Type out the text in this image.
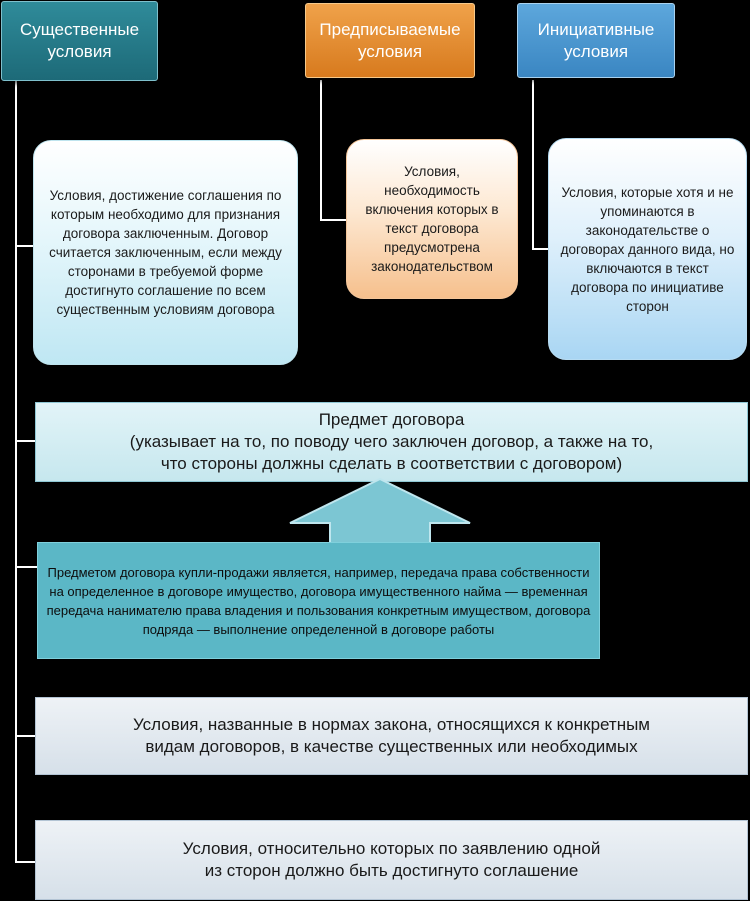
Существенные условия
Предписываемые условия
Инициативные условия
Условия, достижение соглашения по которым необходимо для признания договора заключенным. Договор считается заключенным, если между сторонами в требуемой форме достигнуто соглашение по всем существенным условиям договора
Условия, необходимость включения которых в текст договора предусмотрена законодательством
Условия, которые хотя и не упоминаются в законодательстве о договорах данного вида, но включаются в текст договора по инициативе сторон
Предмет договора
(указывает на то, по поводу чего заключен договор, а также на то,
что стороны должны сделать в соответствии с договором)
Предметом договора купли-продажи является, например, передача права собственности на определенное в договоре имущество, договора имущественного найма — временная передача нанимателю права владения и пользования конкретным имуществом, договора подряда — выполнение определенной в договоре работы
Условия, названные в нормах закона, относящихся к конкретным видам договоров, в качестве существенных или необходимых
Условия, относительно которых по заявлению одной из сторон должно быть достигнуто соглашение
